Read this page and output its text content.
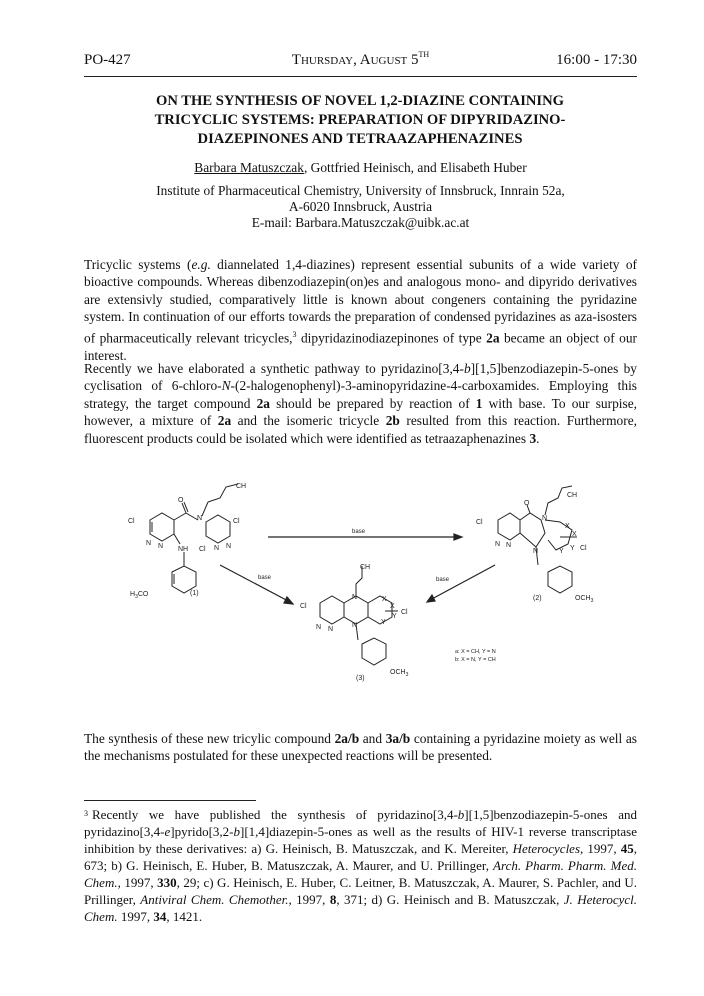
PO-427	Thursday, August 5TH	16:00 - 17:30
ON THE SYNTHESIS OF NOVEL 1,2-DIAZINE CONTAINING
TRICYCLIC SYSTEMS: PREPARATION OF DIPYRIDAZINO-
DIAZEPINONES AND TETRAAZAPHENAZINES
Barbara Matuszczak, Gottfried Heinisch, and Elisabeth Huber
Institute of Pharmaceutical Chemistry, University of Innsbruck, Innrain 52a,
A-6020 Innsbruck, Austria
E-mail: Barbara.Matuszczak@uibk.ac.at

Tricyclic systems (e.g. diannelated 1,4-diazines) represent essential subunits of a wide variety of bioactive compounds. Whereas dibenzodiazepin(on)es and analogous mono- and dipyrido derivatives are extensivly studied, comparatively little is known about congeners containing the pyridazine system. In continuation of our efforts towards the preparation of condensed pyridazines as aza-isosters of pharmaceutically relevant tricycles,$^3$ dipyridazinodiazepinones of type 2a became an object of our interest.

Recently we have elaborated a synthetic pathway to pyridazino[3,4-b][1,5]benzodiazepin-5-ones by cyclisation of 6-chloro-N-(2-halogenophenyl)-3-aminopyridazine-4-carboxamides. Employing this strategy, the target compound 2a should be prepared by reaction of 1 with base. To our surpise, however, a mixture of 2a and the isomeric tricycle 2b resulted from this reaction. Furthermore, fluorescent products could be isolated which were identified as tetraazaphenazines 3.

Cl
N N NH
O
N
CH
Cl
Cl N N
$H_3CO$	(1)
base
base	base
Cl
N N
O
N
N
CH
X
X
Y Y Cl
$OCH_3$
(2)
Cl
N N
N
N
CH
X
X
Y
Y
Cl
$OCH_3$
(3)
a: X = CH, Y = N
b: X = N, Y = CH

The synthesis of these new tricylic compound 2a/b and 3a/b containing a pyridazine moiety as well as the mechanisms postulated for these unexpected reactions will be presented.

$^3$ Recently we have published the synthesis of pyridazino[3,4-b][1,5]benzodiazepin-5-ones and pyridazino[3,4-e]pyrido[3,2-b][1,4]diazepin-5-ones as well as the results of HIV-1 reverse transcriptase inhibition by these derivatives: a) G. Heinisch, B. Matuszczak, and K. Mereiter, Heterocycles, 1997, 45, 673; b) G. Heinisch, E. Huber, B. Matuszczak, A. Maurer, and U. Prillinger, Arch. Pharm. Pharm. Med. Chem., 1997, 330, 29; c) G. Heinisch, E. Huber, C. Leitner, B. Matuszczak, A. Maurer, S. Pachler, and U. Prillinger, Antiviral Chem. Chemother., 1997, 8, 371; d) G. Heinisch and B. Matuszczak, J. Heterocycl. Chem. 1997, 34, 1421.
